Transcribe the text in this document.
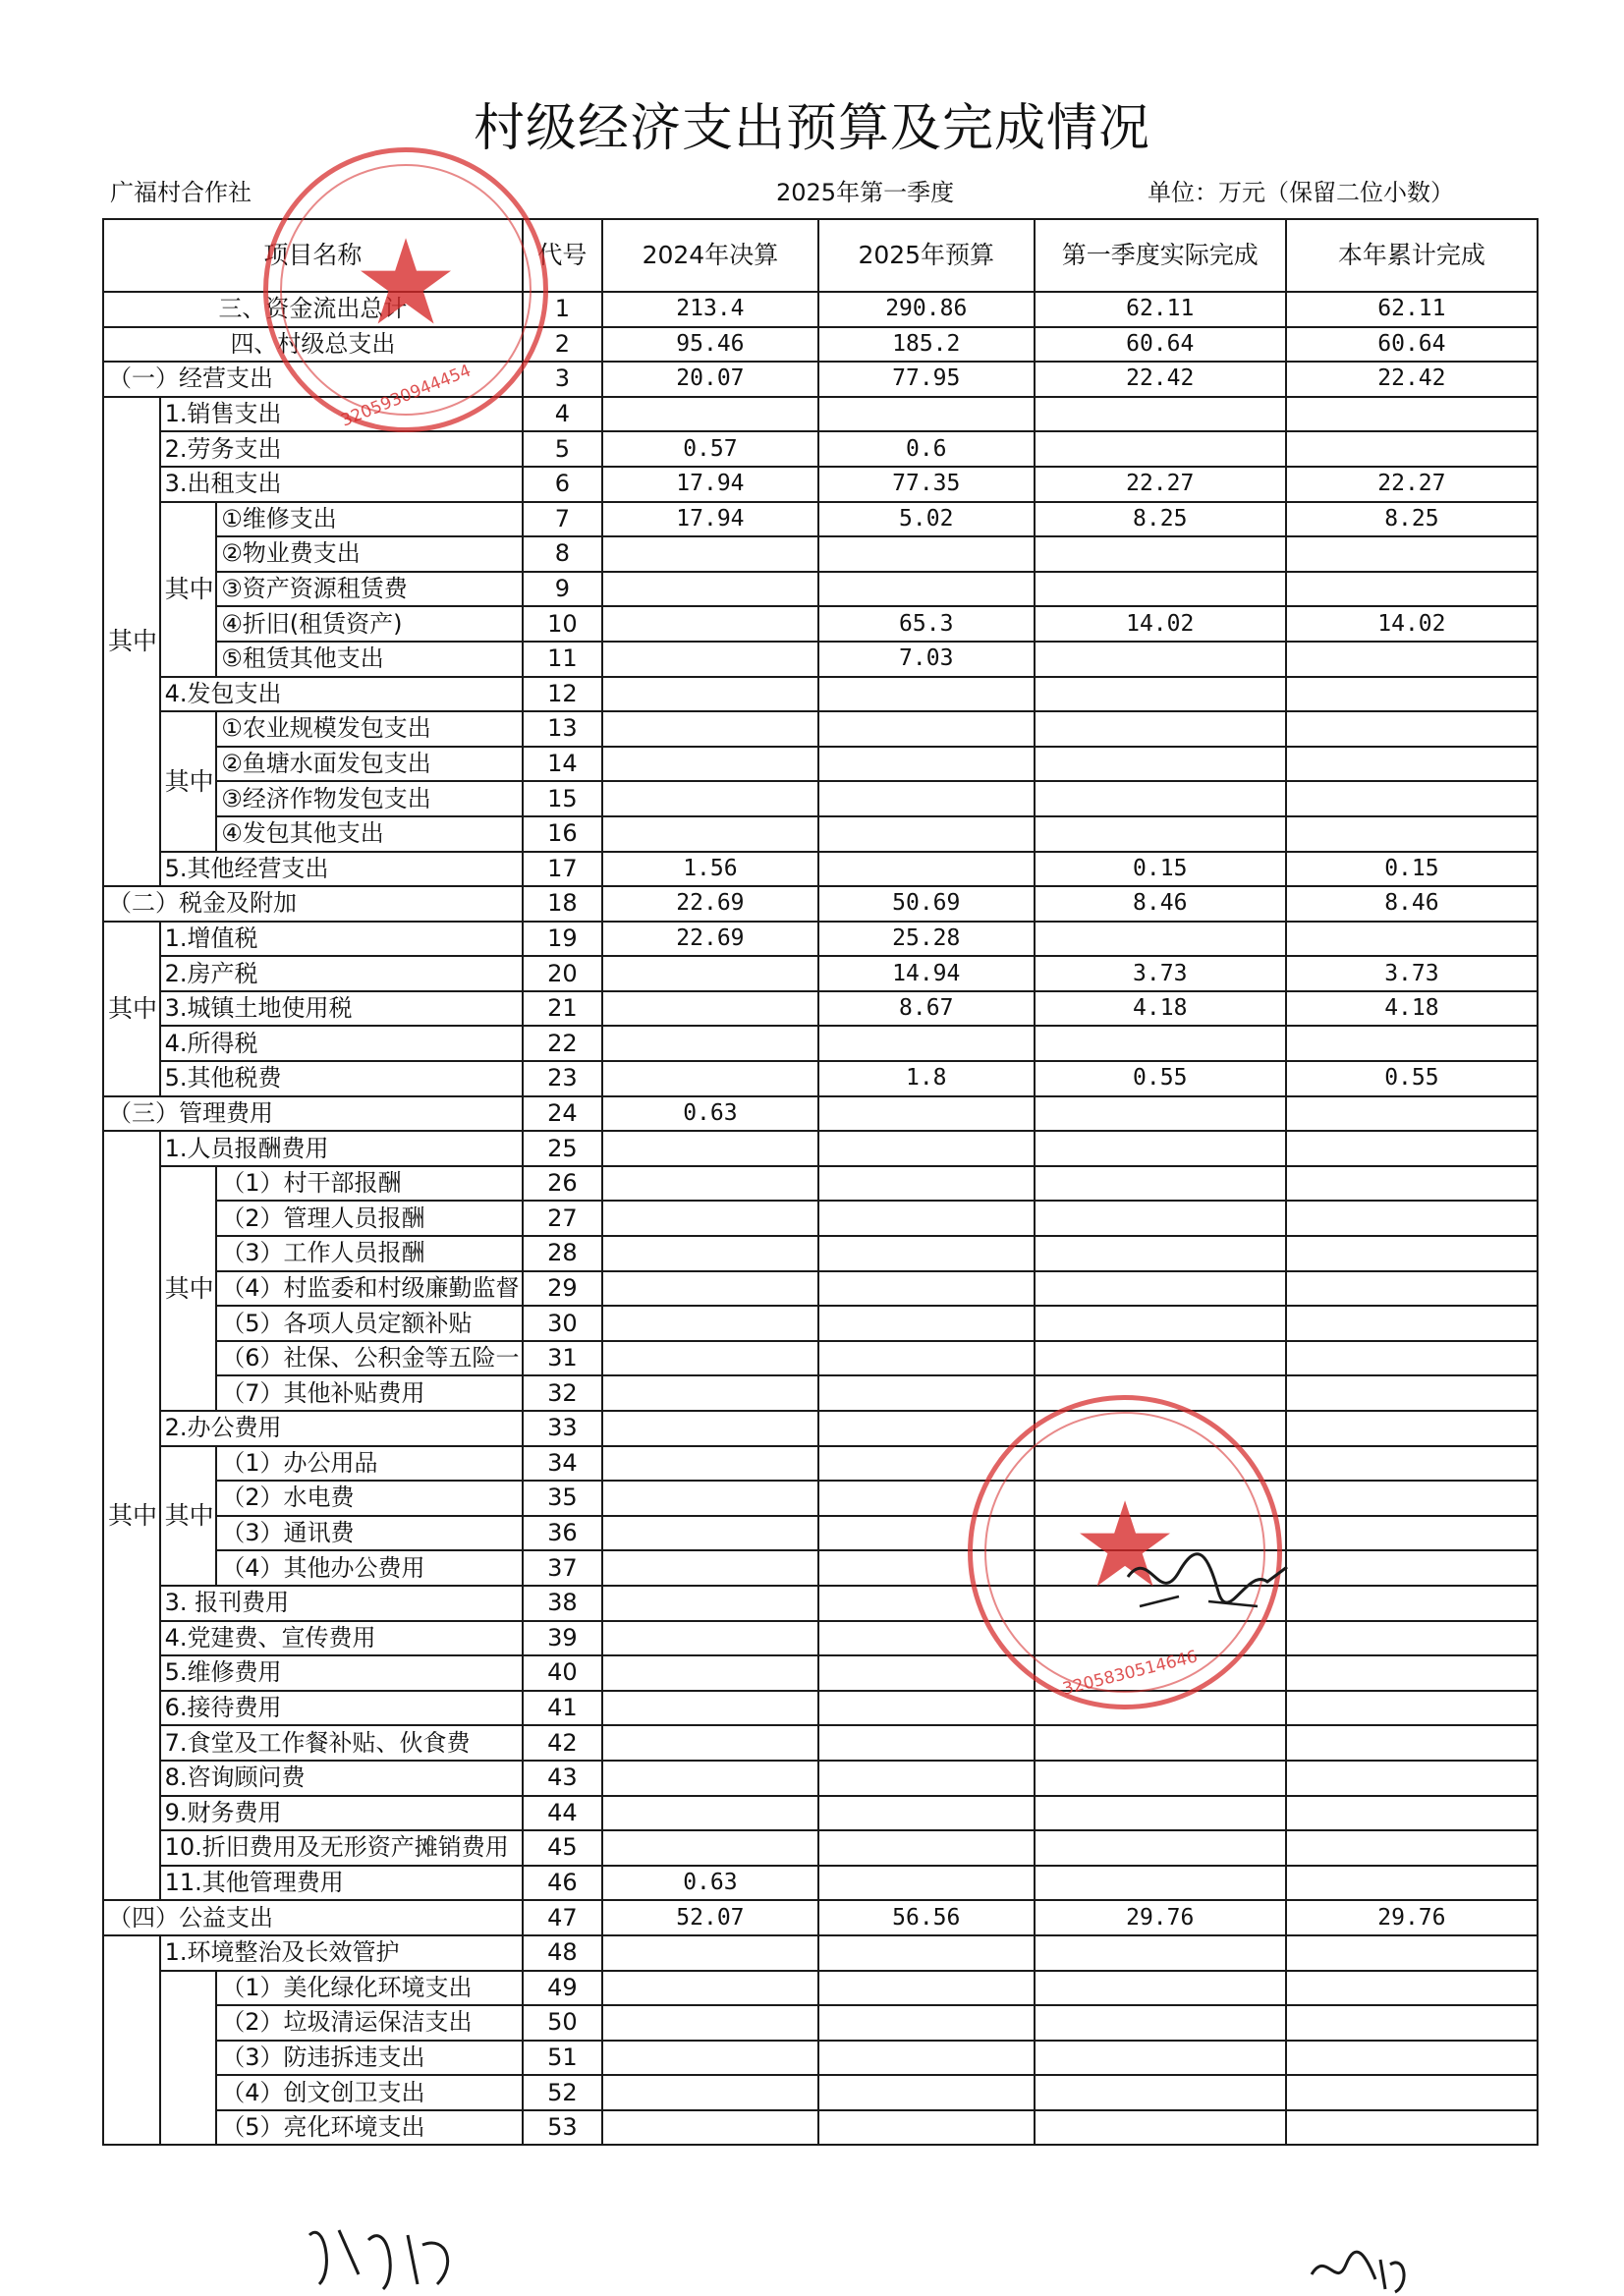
村级经济支出预算及完成情况
广福村合作社	2025年第一季度	单位：万元（保留二位小数）
项目名称			代号	2024年决算	2025年预算	第一季度实际完成	本年累计完成
三、资金流出总计			1	213.4	290.86	62.11	62.11
四、村级总支出			2	95.46	185.2	60.64	60.64
（一）经营支出			3	20.07	77.95	22.42	22.42
其中	1.销售支出		4				
	2.劳务支出		5	0.57	0.6		
	3.出租支出		6	17.94	77.35	22.27	22.27
	其中	①维修支出	7	17.94	5.02	8.25	8.25
		②物业费支出	8				
		③资产资源租赁费	9				
		④折旧(租赁资产)	10		65.3	14.02	14.02
		⑤租赁其他支出	11		7.03		
	4.发包支出		12				
	其中	①农业规模发包支出	13				
		②鱼塘水面发包支出	14				
		③经济作物发包支出	15				
		④发包其他支出	16				
	5.其他经营支出		17	1.56		0.15	0.15
（二）税金及附加			18	22.69	50.69	8.46	8.46
其中	1.增值税		19	22.69	25.28		
	2.房产税		20		14.94	3.73	3.73
	3.城镇土地使用税		21		8.67	4.18	4.18
	4.所得税		22				
	5.其他税费		23		1.8	0.55	0.55
（三）管理费用			24	0.63			
其中	1.人员报酬费用		25				
	其中	（1）村干部报酬	26				
		（2）管理人员报酬	27				
		（3）工作人员报酬	28				
		（4）村监委和村级廉勤监督	29				
		（5）各项人员定额补贴	30				
		（6）社保、公积金等五险一	31				
		（7）其他补贴费用	32				
	2.办公费用		33				
	其中	（1）办公用品	34				
		（2）水电费	35				
		（3）通讯费	36				
		（4）其他办公费用	37				
	3. 报刊费用		38				
	4.党建费、宣传费用		39				
	5.维修费用		40				
	6.接待费用		41				
	7.食堂及工作餐补贴、伙食费		42				
	8.咨询顾问费		43				
	9.财务费用		44				
	10.折旧费用及无形资产摊销费用		45				
	11.其他管理费用		46	0.63			
（四）公益支出			47	52.07	56.56	29.76	29.76
	1.环境整治及长效管护		48				
		（1）美化绿化环境支出	49				
		（2）垃圾清运保洁支出	50				
		（3）防违拆违支出	51				
		（4）创文创卫支出	52				
		（5）亮化环境支出	53				
★
3205930944454
★
3205830514646
